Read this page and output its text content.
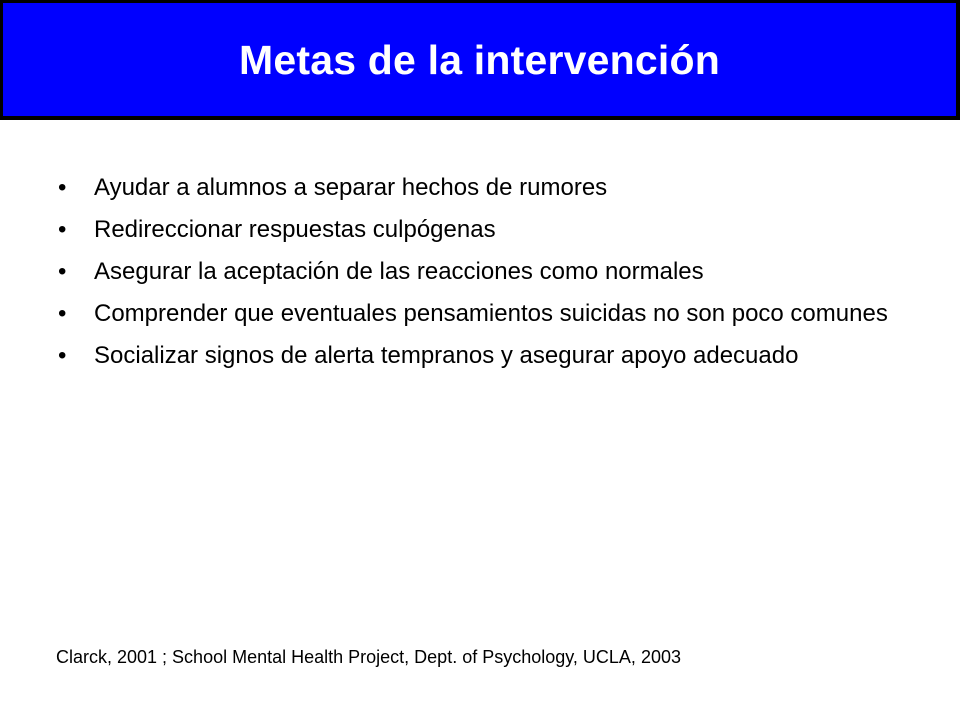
Metas de la intervención
•	Ayudar a alumnos a separar hechos de rumores
•	Redireccionar respuestas culpógenas
•	Asegurar la aceptación de las reacciones como normales
•	Comprender que eventuales pensamientos suicidas no son poco comunes
•	Socializar signos de alerta tempranos y asegurar apoyo adecuado

Clarck, 2001 ; School Mental Health Project, Dept. of Psychology, UCLA, 2003
